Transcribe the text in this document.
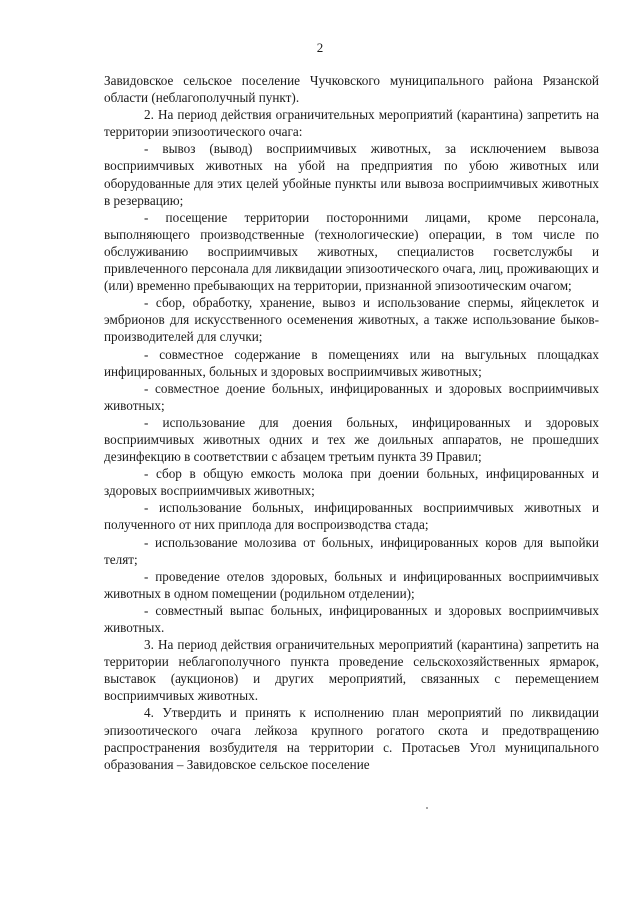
2

Завидовское сельское поселение Чучковского муниципального района Рязанской области (неблагополучный пункт).

2. На период действия ограничительных мероприятий (карантина) запретить на территории эпизоотического очага:

- вывоз (вывод) восприимчивых животных, за исключением вывоза восприимчивых животных на убой на предприятия по убою животных или оборудованные для этих целей убойные пункты или вывоза восприимчивых животных в резервацию;

- посещение территории посторонними лицами, кроме персонала, выполняющего производственные (технологические) операции, в том числе по обслуживанию восприимчивых животных, специалистов госветслужбы и привлеченного персонала для ликвидации эпизоотического очага, лиц, проживающих и (или) временно пребывающих на территории, признанной эпизоотическим очагом;

- сбор, обработку, хранение, вывоз и использование спермы, яйцеклеток и эмбрионов для искусственного осеменения животных, а также использование быков-производителей для случки;

- совместное содержание в помещениях или на выгульных площадках инфицированных, больных и здоровых восприимчивых животных;

- совместное доение больных, инфицированных и здоровых восприимчивых животных;

- использование для доения больных, инфицированных и здоровых восприимчивых животных одних и тех же доильных аппаратов, не прошедших дезинфекцию в соответствии с абзацем третьим пункта 39 Правил;

- сбор в общую емкость молока при доении больных, инфицированных и здоровых восприимчивых животных;

- использование больных, инфицированных восприимчивых животных и полученного от них приплода для воспроизводства стада;

- использование молозива от больных, инфицированных коров для выпойки телят;

- проведение отелов здоровых, больных и инфицированных восприимчивых животных в одном помещении (родильном отделении);

- совместный выпас больных, инфицированных и здоровых восприимчивых животных.

3. На период действия ограничительных мероприятий (карантина) запретить на территории неблагополучного пункта проведение сельскохозяйственных ярмарок, выставок (аукционов) и других мероприятий, связанных с перемещением восприимчивых животных.

4. Утвердить и принять к исполнению план мероприятий по ликвидации эпизоотического очага лейкоза крупного рогатого скота и предотвращению распространения возбудителя на территории с. Протасьев Угол муниципального образования – Завидовское сельское поселение
